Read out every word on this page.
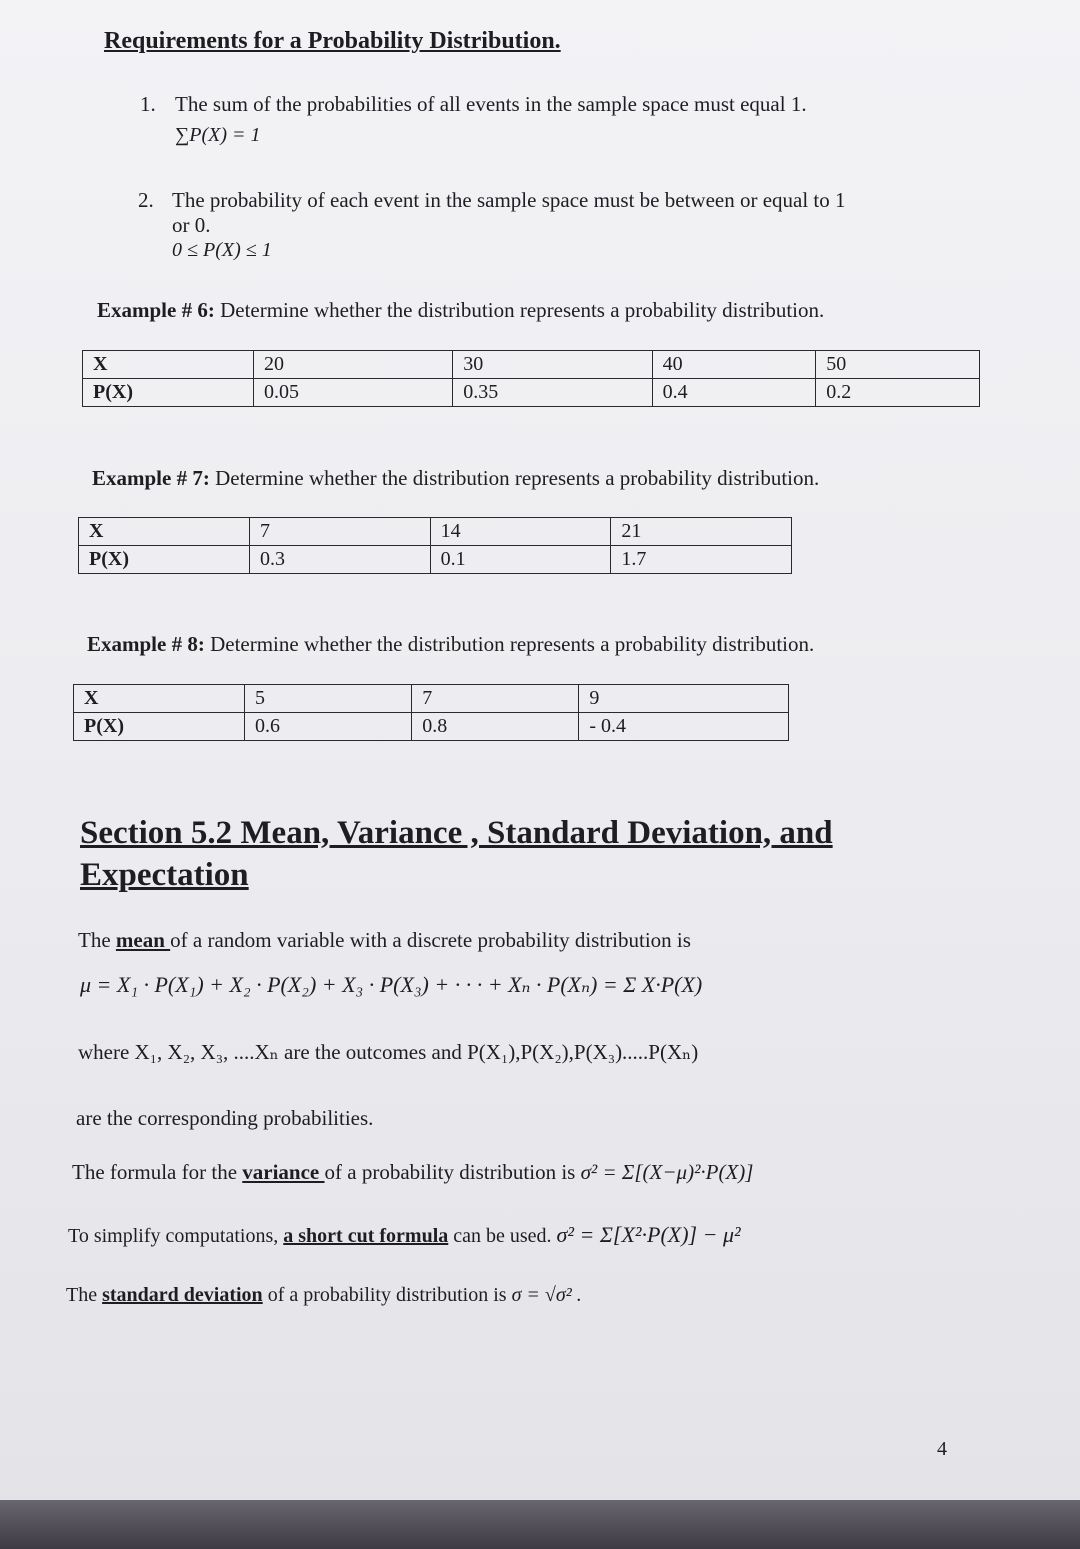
Requirements for a Probability Distribution.
1. The sum of the probabilities of all events in the sample space must equal 1.
∑P(X) = 1
2. The probability of each event in the sample space must be between or equal to 1
or 0.
0 ≤ P(X) ≤ 1
Example # 6: Determine whether the distribution represents a probability distribution.
X	20	30	40	50
P(X)	0.05	0.35	0.4	0.2
Example # 7: Determine whether the distribution represents a probability distribution.
X	7	14	21
P(X)	0.3	0.1	1.7
Example # 8: Determine whether the distribution represents a probability distribution.
X	5	7	9
P(X)	0.6	0.8	- 0.4
Section 5.2 Mean, Variance , Standard Deviation, and
Expectation
The mean of a random variable with a discrete probability distribution is
μ = X₁ · P(X₁) + X₂ · P(X₂) + X₃ · P(X₃) + · · · + Xₙ · P(Xₙ) = Σ X·P(X)
where X₁, X₂, X₃, ....Xₙ are the outcomes and P(X₁),P(X₂),P(X₃).....P(Xₙ)
are the corresponding probabilities.
The formula for the variance of a probability distribution is σ² = Σ[(X−μ)²·P(X)]
To simplify computations, a short cut formula can be used. σ² = Σ[X²·P(X)] − μ²
The standard deviation of a probability distribution is σ = √σ² .
4
